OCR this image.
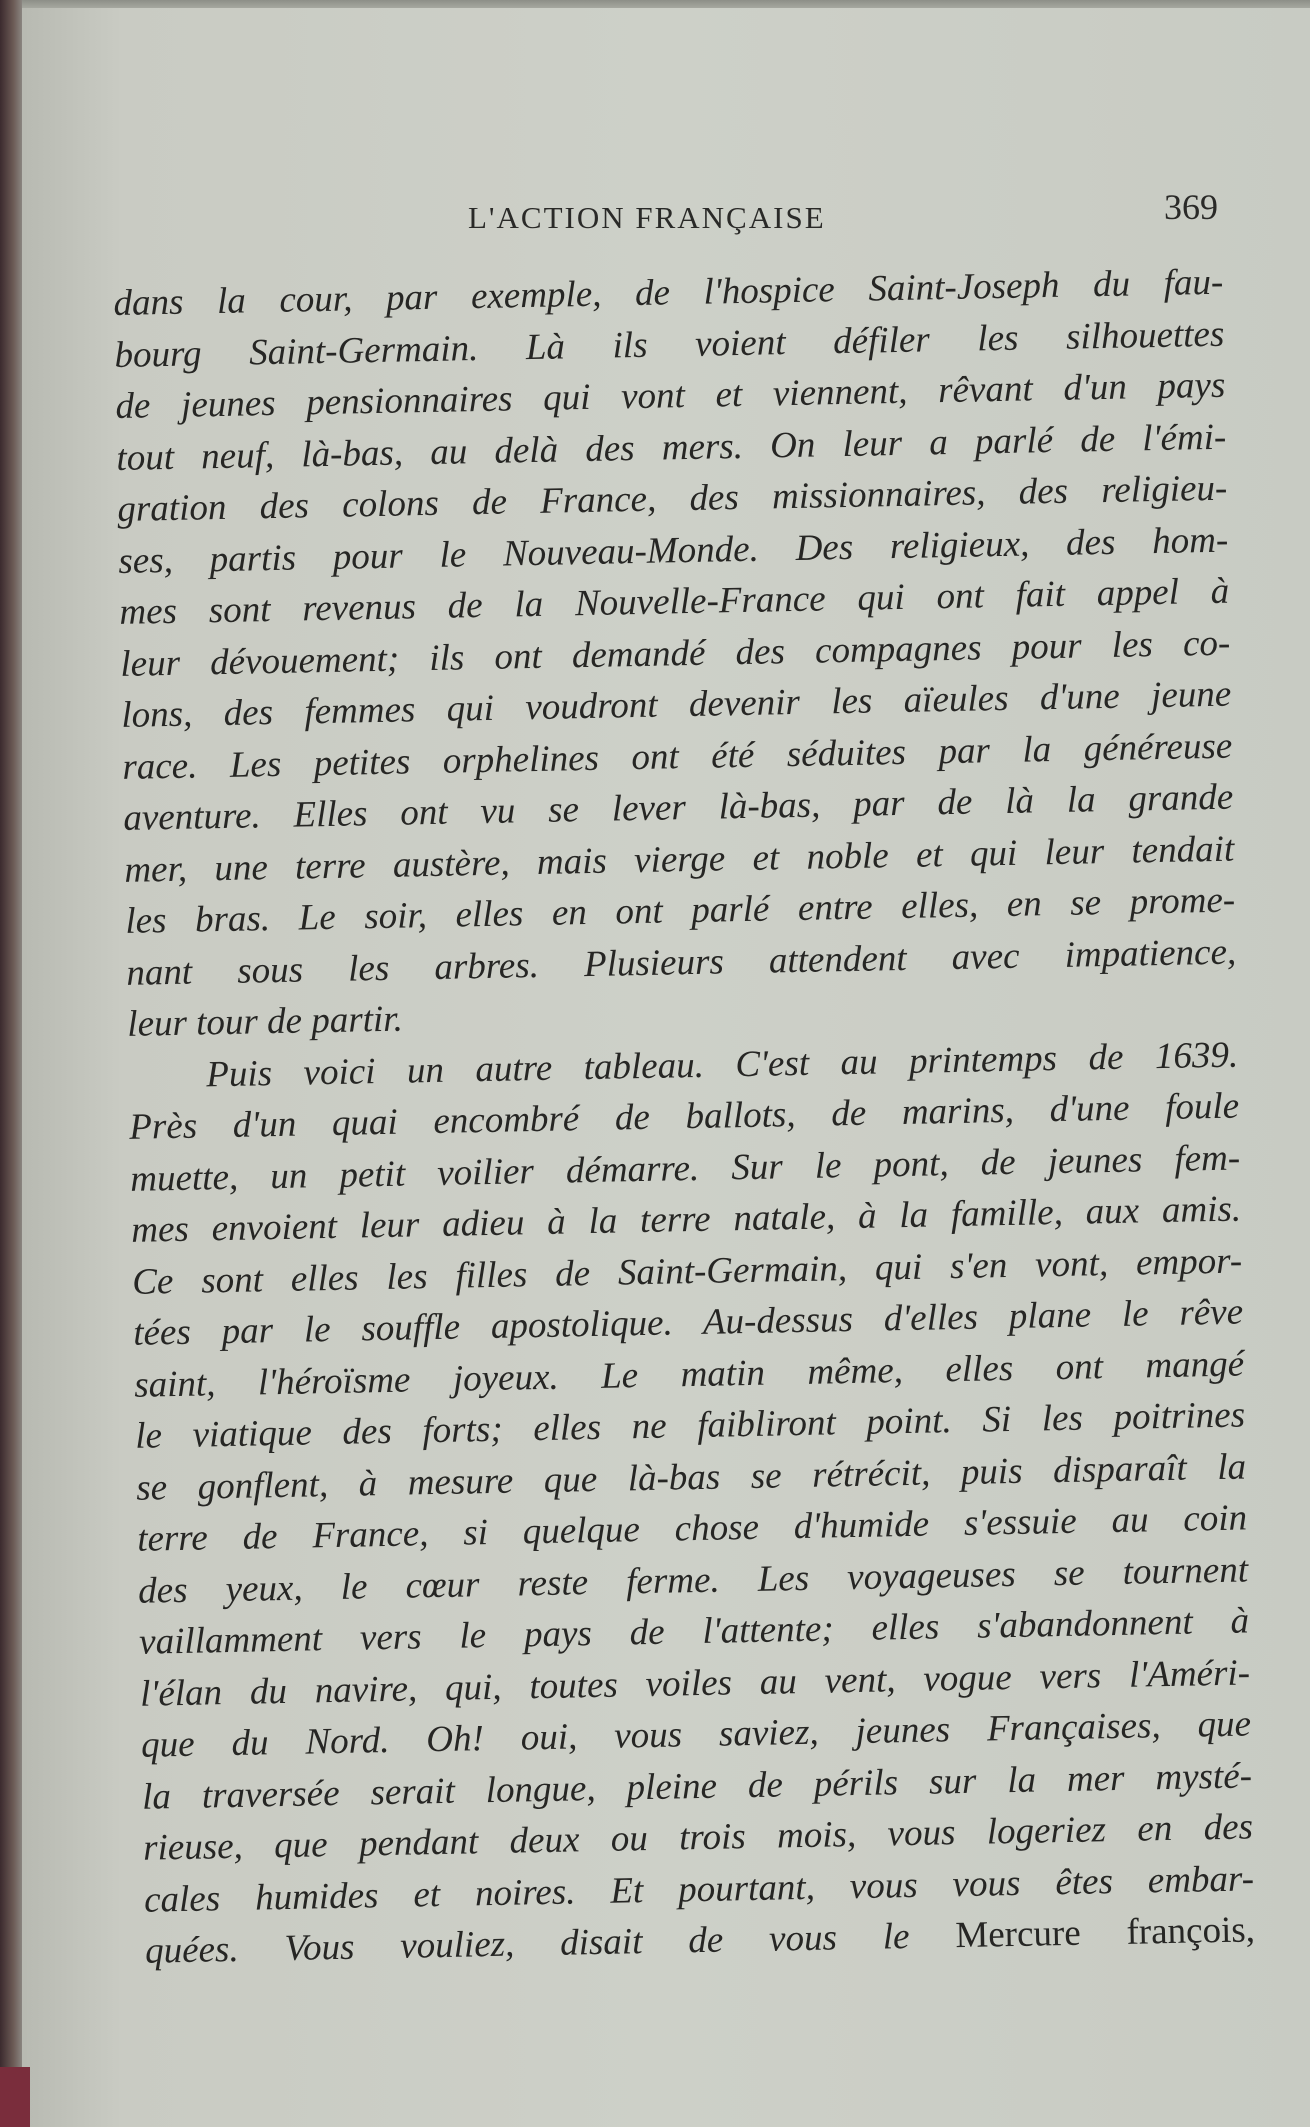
L'ACTION FRANÇAISE	369
dans la cour, par exemple, de l'hospice Saint-Joseph du fau-
bourg Saint-Germain. Là ils voient défiler les silhouettes
de jeunes pensionnaires qui vont et viennent, rêvant d'un pays
tout neuf, là-bas, au delà des mers. On leur a parlé de l'émi-
gration des colons de France, des missionnaires, des religieu-
ses, partis pour le Nouveau-Monde. Des religieux, des hom-
mes sont revenus de la Nouvelle-France qui ont fait appel à
leur dévouement; ils ont demandé des compagnes pour les co-
lons, des femmes qui voudront devenir les aïeules d'une jeune
race. Les petites orphelines ont été séduites par la généreuse
aventure. Elles ont vu se lever là-bas, par de là la grande
mer, une terre austère, mais vierge et noble et qui leur tendait
les bras. Le soir, elles en ont parlé entre elles, en se prome-
nant sous les arbres. Plusieurs attendent avec impatience,
leur tour de partir.
Puis voici un autre tableau. C'est au printemps de 1639.
Près d'un quai encombré de ballots, de marins, d'une foule
muette, un petit voilier démarre. Sur le pont, de jeunes fem-
mes envoient leur adieu à la terre natale, à la famille, aux amis.
Ce sont elles les filles de Saint-Germain, qui s'en vont, empor-
tées par le souffle apostolique. Au-dessus d'elles plane le rêve
saint, l'héroïsme joyeux. Le matin même, elles ont mangé
le viatique des forts; elles ne faibliront point. Si les poitrines
se gonflent, à mesure que là-bas se rétrécit, puis disparaît la
terre de France, si quelque chose d'humide s'essuie au coin
des yeux, le cœur reste ferme. Les voyageuses se tournent
vaillamment vers le pays de l'attente; elles s'abandonnent à
l'élan du navire, qui, toutes voiles au vent, vogue vers l'Améri-
que du Nord. Oh! oui, vous saviez, jeunes Françaises, que
la traversée serait longue, pleine de périls sur la mer mysté-
rieuse, que pendant deux ou trois mois, vous logeriez en des
cales humides et noires. Et pourtant, vous vous êtes embar-
quées. Vous vouliez, disait de vous le Mercure françois,
